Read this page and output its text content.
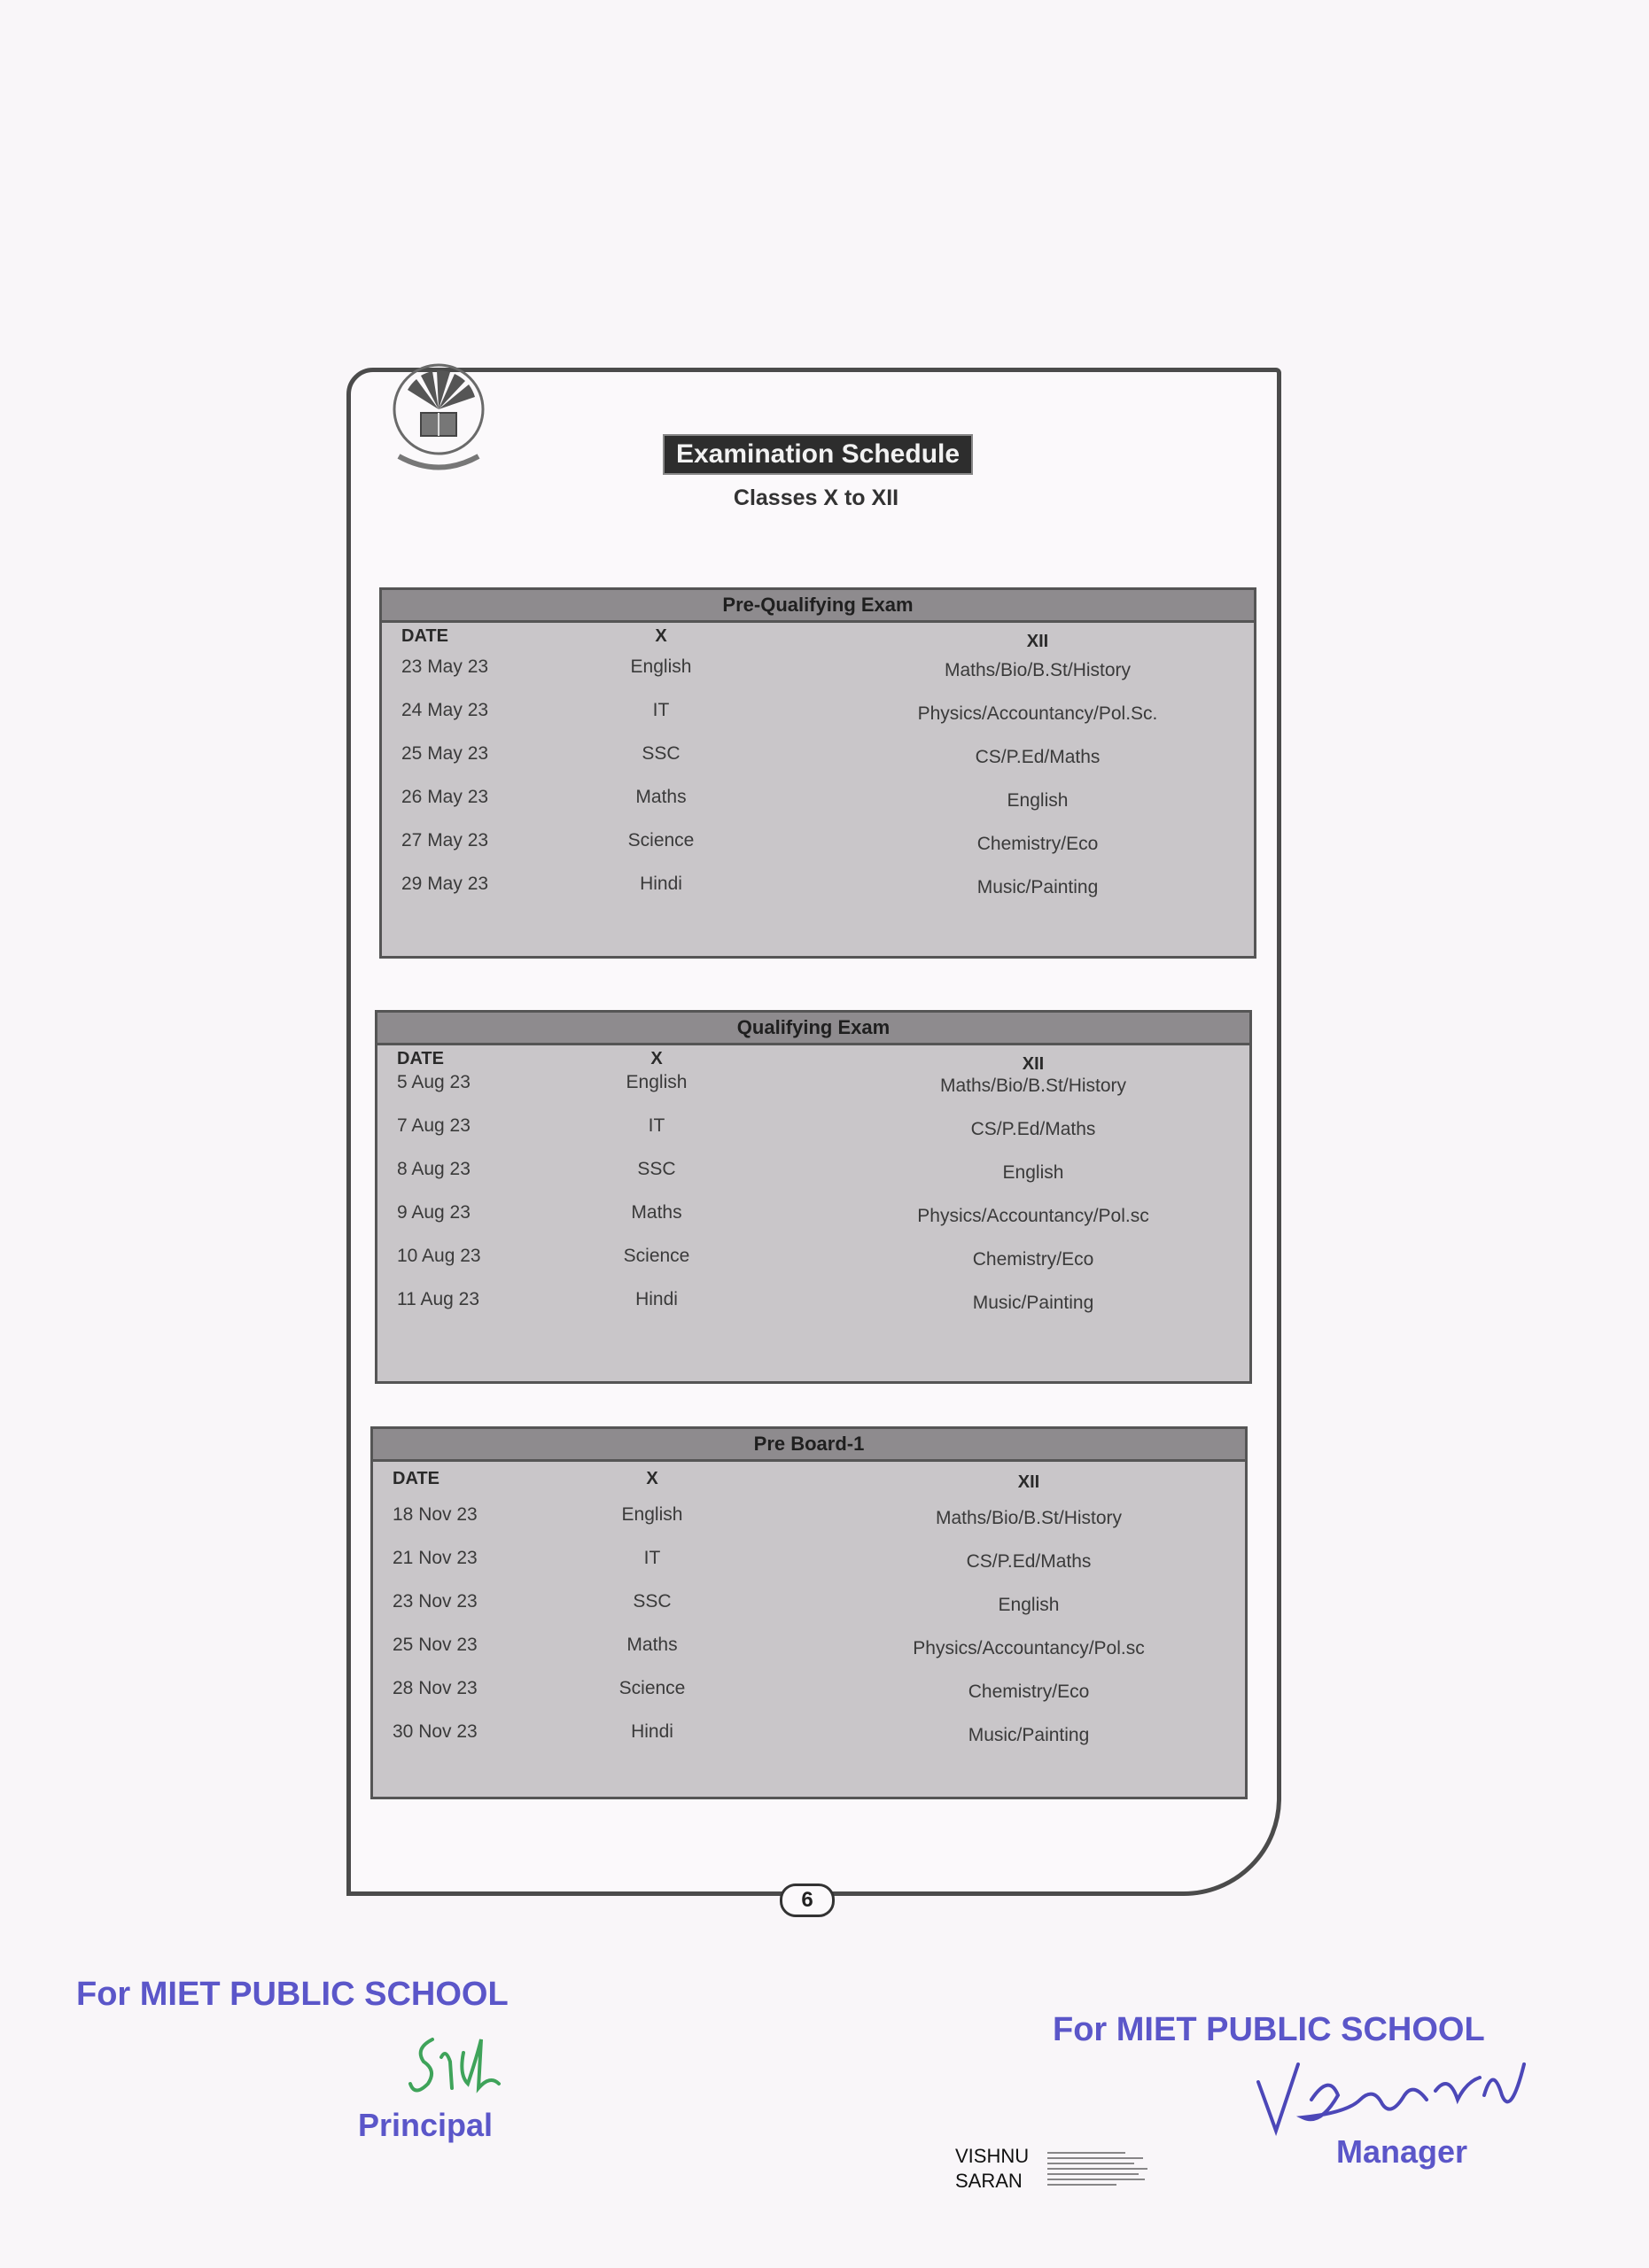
Examination Schedule
Classes X to XII
Pre-Qualifying Exam
DATE	X	XII
23 May 23	English	Maths/Bio/B.St/History
24 May 23	IT	Physics/Accountancy/Pol.Sc.
25 May 23	SSC	CS/P.Ed/Maths
26 May 23	Maths	English
27 May 23	Science	Chemistry/Eco
29 May 23	Hindi	Music/Painting
Qualifying Exam
DATE	X	XII
5 Aug 23	English	Maths/Bio/B.St/History
7 Aug 23	IT	CS/P.Ed/Maths
8 Aug 23	SSC	English
9 Aug 23	Maths	Physics/Accountancy/Pol.sc
10 Aug 23	Science	Chemistry/Eco
11 Aug 23	Hindi	Music/Painting
Pre Board-1
DATE	X	XII
18 Nov 23	English	Maths/Bio/B.St/History
21 Nov 23	IT	CS/P.Ed/Maths
23 Nov 23	SSC	English
25 Nov 23	Maths	Physics/Accountancy/Pol.sc
28 Nov 23	Science	Chemistry/Eco
30 Nov 23	Hindi	Music/Painting
6
For MIET PUBLIC SCHOOL
Principal
VISHNU
SARAN
For MIET PUBLIC SCHOOL
Manager
